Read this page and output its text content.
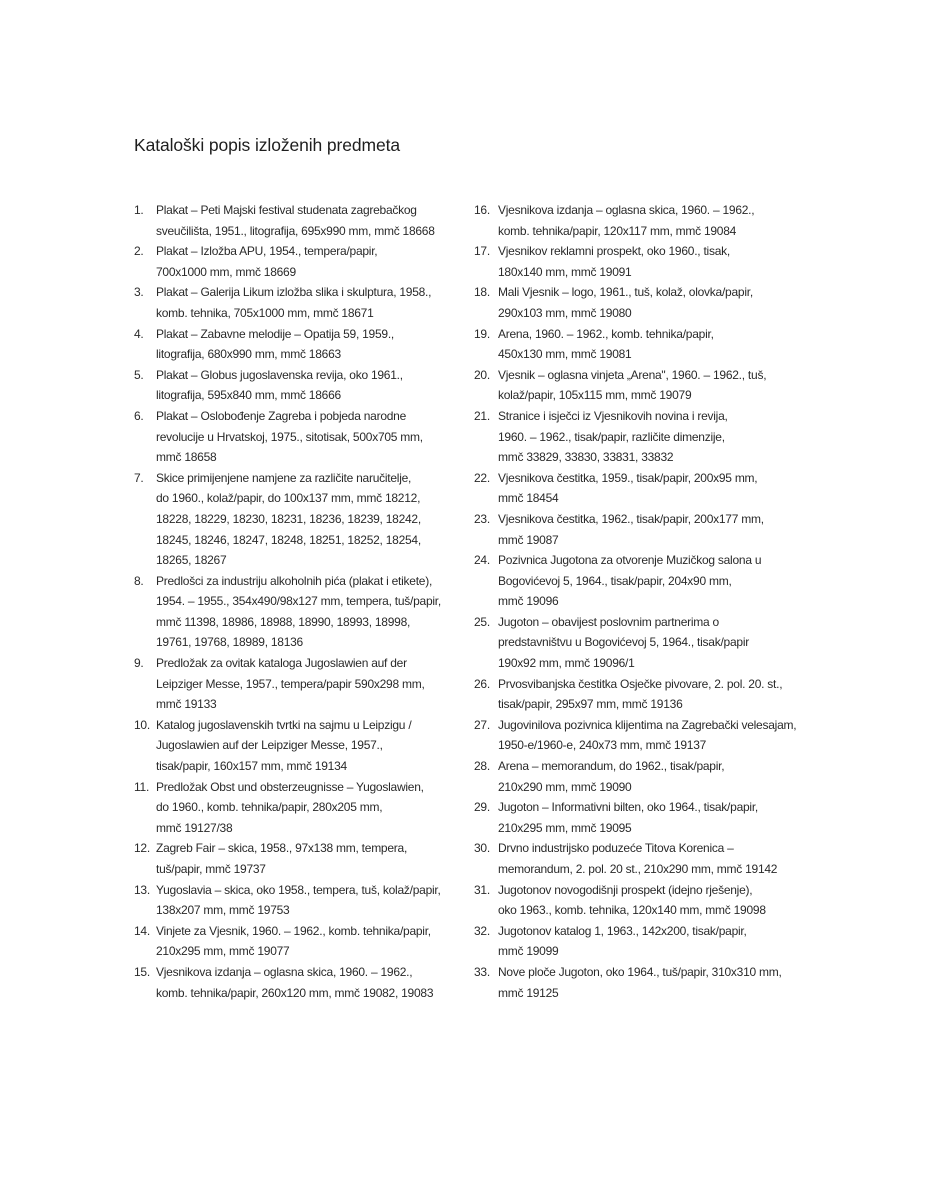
Kataloški popis izloženih predmeta
1. Plakat – Peti Majski festival studenata zagrebačkog
sveučilišta, 1951., litografija, 695x990 mm, mmč 18668
2. Plakat – Izložba APU, 1954., tempera/papir,
700x1000 mm, mmč 18669
3. Plakat – Galerija Likum izložba slika i skulptura, 1958.,
komb. tehnika, 705x1000 mm, mmč 18671
4. Plakat – Zabavne melodije – Opatija 59, 1959.,
litografija, 680x990 mm, mmč 18663
5. Plakat – Globus jugoslavenska revija, oko 1961.,
litografija, 595x840 mm, mmč 18666
6. Plakat – Oslobođenje Zagreba i pobjeda narodne
revolucije u Hrvatskoj, 1975., sitotisak, 500x705 mm,
mmč 18658
7. Skice primijenjene namjene za različite naručitelje,
do 1960., kolaž/papir, do 100x137 mm, mmč 18212,
18228, 18229, 18230, 18231, 18236, 18239, 18242,
18245, 18246, 18247, 18248, 18251, 18252, 18254,
18265, 18267
8. Predlošci za industriju alkoholnih pića (plakat i etikete),
1954. – 1955., 354x490/98x127 mm, tempera, tuš/papir,
mmč 11398, 18986, 18988, 18990, 18993, 18998,
19761, 19768, 18989, 18136
9. Predložak za ovitak kataloga Jugoslawien auf der
Leipziger Messe, 1957., tempera/papir 590x298 mm,
mmč 19133
10. Katalog jugoslavenskih tvrtki na sajmu u Leipzigu /
Jugoslawien auf der Leipziger Messe, 1957.,
tisak/papir, 160x157 mm, mmč 19134
11. Predložak Obst und obsterzeugnisse – Yugoslawien,
do 1960., komb. tehnika/papir, 280x205 mm,
mmč 19127/38
12. Zagreb Fair – skica, 1958., 97x138 mm, tempera,
tuš/papir, mmč 19737
13. Yugoslavia – skica, oko 1958., tempera, tuš, kolaž/papir,
138x207 mm, mmč 19753
14. Vinjete za Vjesnik, 1960. – 1962., komb. tehnika/papir,
210x295 mm, mmč 19077
15. Vjesnikova izdanja – oglasna skica, 1960. – 1962.,
komb. tehnika/papir, 260x120 mm, mmč 19082, 19083
16. Vjesnikova izdanja – oglasna skica, 1960. – 1962.,
komb. tehnika/papir, 120x117 mm, mmč 19084
17. Vjesnikov reklamni prospekt, oko 1960., tisak,
180x140 mm, mmč 19091
18. Mali Vjesnik – logo, 1961., tuš, kolaž, olovka/papir,
290x103 mm, mmč 19080
19. Arena, 1960. – 1962., komb. tehnika/papir,
450x130 mm, mmč 19081
20. Vjesnik – oglasna vinjeta „Arena", 1960. – 1962., tuš,
kolaž/papir, 105x115 mm, mmč 19079
21. Stranice i isječci iz Vjesnikovih novina i revija,
1960. – 1962., tisak/papir, različite dimenzije,
mmč 33829, 33830, 33831, 33832
22. Vjesnikova čestitka, 1959., tisak/papir, 200x95 mm,
mmč 18454
23. Vjesnikova čestitka, 1962., tisak/papir, 200x177 mm,
mmč 19087
24. Pozivnica Jugotona za otvorenje Muzičkog salona u
Bogovićevoj 5, 1964., tisak/papir, 204x90 mm,
mmč 19096
25. Jugoton – obavijest poslovnim partnerima o
predstavništvu u Bogovićevoj 5, 1964., tisak/papir
190x92 mm, mmč 19096/1
26. Prvosvibanjska čestitka Osječke pivovare, 2. pol. 20. st.,
tisak/papir, 295x97 mm, mmč 19136
27. Jugovinilova pozivnica klijentima na Zagrebački velesajam,
1950-e/1960-e, 240x73 mm, mmč 19137
28. Arena – memorandum, do 1962., tisak/papir,
210x290 mm, mmč 19090
29. Jugoton – Informativni bilten, oko 1964., tisak/papir,
210x295 mm, mmč 19095
30. Drvno industrijsko poduzeće Titova Korenica –
memorandum, 2. pol. 20 st., 210x290 mm, mmč 19142
31. Jugotonov novogodišnji prospekt (idejno rješenje),
oko 1963., komb. tehnika, 120x140 mm, mmč 19098
32. Jugotonov katalog 1, 1963., 142x200, tisak/papir,
mmč 19099
33. Nove ploče Jugoton, oko 1964., tuš/papir, 310x310 mm,
mmč 19125
